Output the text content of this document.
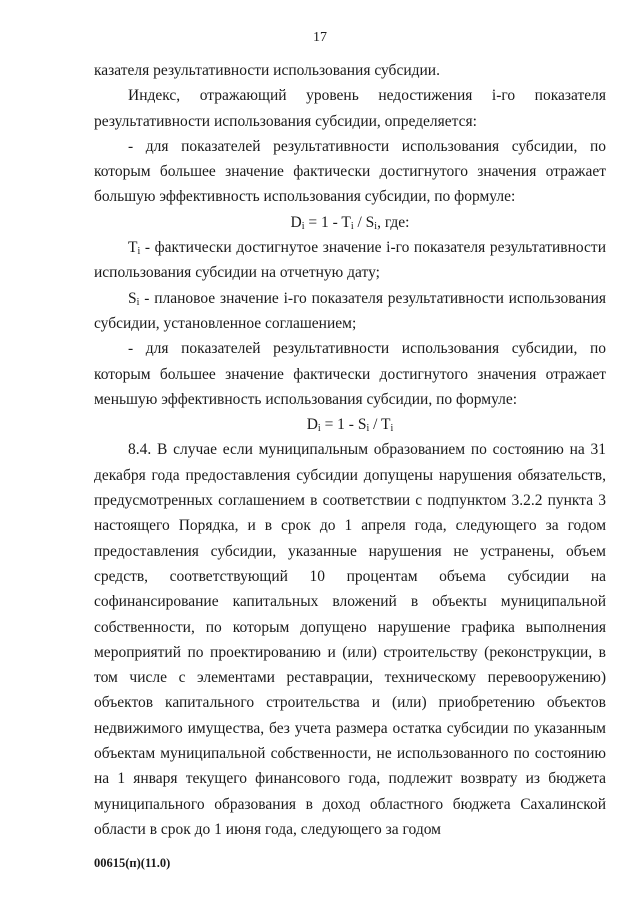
17

казателя результативности использования субсидии.

Индекс, отражающий уровень недостижения i-го показателя результативности использования субсидии, определяется:

- для показателей результативности использования субсидии, по которым большее значение фактически достигнутого значения отражает большую эффективность использования субсидии, по формуле:

$D_i = 1 - T_i / S_i$, где:

$T_i$ - фактически достигнутое значение i-го показателя результативности использования субсидии на отчетную дату;

$S_i$ - плановое значение i-го показателя результативности использования субсидии, установленное соглашением;

- для показателей результативности использования субсидии, по которым большее значение фактически достигнутого значения отражает меньшую эффективность использования субсидии, по формуле:

$D_i = 1 - S_i / T_i$

8.4. В случае если муниципальным образованием по состоянию на 31 декабря года предоставления субсидии допущены нарушения обязательств, предусмотренных соглашением в соответствии с подпунктом 3.2.2 пункта 3 настоящего Порядка, и в срок до 1 апреля года, следующего за годом предоставления субсидии, указанные нарушения не устранены, объем средств, соответствующий 10 процентам объема субсидии на софинансирование капитальных вложений в объекты муниципальной собственности, по которым допущено нарушение графика выполнения мероприятий по проектированию и (или) строительству (реконструкции, в том числе с элементами реставрации, техническому перевооружению) объектов капитального строительства и (или) приобретению объектов недвижимого имущества, без учета размера остатка субсидии по указанным объектам муниципальной собственности, не использованного по состоянию на 1 января текущего финансового года, подлежит возврату из бюджета муниципального образования в доход областного бюджета Сахалинской области в срок до 1 июня года, следующего за годом

00615(п)(11.0)
